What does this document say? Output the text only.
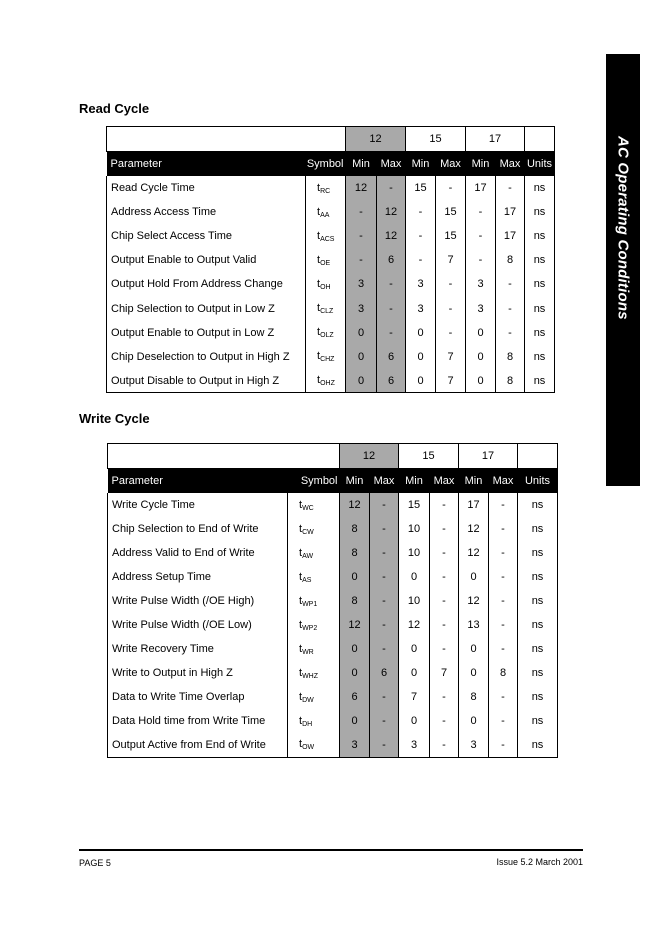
AC Operating Conditions
Read Cycle
		12		15		17		
Parameter	Symbol	Min	Max	Min	Max	Min	Max	Units
Read Cycle Time	$t_{RC}$	12	-	15	-	17	-	ns
Address Access Time	$t_{AA}$	-	12	-	15	-	17	ns
Chip Select Access Time	$t_{ACS}$	-	12	-	15	-	17	ns
Output Enable to Output Valid	$t_{OE}$	-	6	-	7	-	8	ns
Output Hold From Address Change	$t_{OH}$	3	-	3	-	3	-	ns
Chip Selection to Output in Low Z	$t_{CLZ}$	3	-	3	-	3	-	ns
Output Enable to Output in Low Z	$t_{OLZ}$	0	-	0	-	0	-	ns
Chip Deselection to Output in High Z	$t_{CHZ}$	0	6	0	7	0	8	ns
Output Disable to Output in High Z	$t_{OHZ}$	0	6	0	7	0	8	ns
Write Cycle
		12		15		17		
Parameter	Symbol	Min	Max	Min	Max	Min	Max	Units
Write Cycle Time	$t_{WC}$	12	-	15	-	17	-	ns
Chip Selection to End of Write	$t_{CW}$	8	-	10	-	12	-	ns
Address Valid to End of Write	$t_{AW}$	8	-	10	-	12	-	ns
Address Setup Time	$t_{AS}$	0	-	0	-	0	-	ns
Write Pulse Width (/OE High)	$t_{WP1}$	8	-	10	-	12	-	ns
Write Pulse Width (/OE Low)	$t_{WP2}$	12	-	12	-	13	-	ns
Write Recovery Time	$t_{WR}$	0	-	0	-	0	-	ns
Write to Output in High Z	$t_{WHZ}$	0	6	0	7	0	8	ns
Data to Write Time Overlap	$t_{DW}$	6	-	7	-	8	-	ns
Data Hold time from Write Time	$t_{DH}$	0	-	0	-	0	-	ns
Output Active from End of Write	$t_{OW}$	3	-	3	-	3	-	ns
PAGE 5	Issue 5.2 March 2001
